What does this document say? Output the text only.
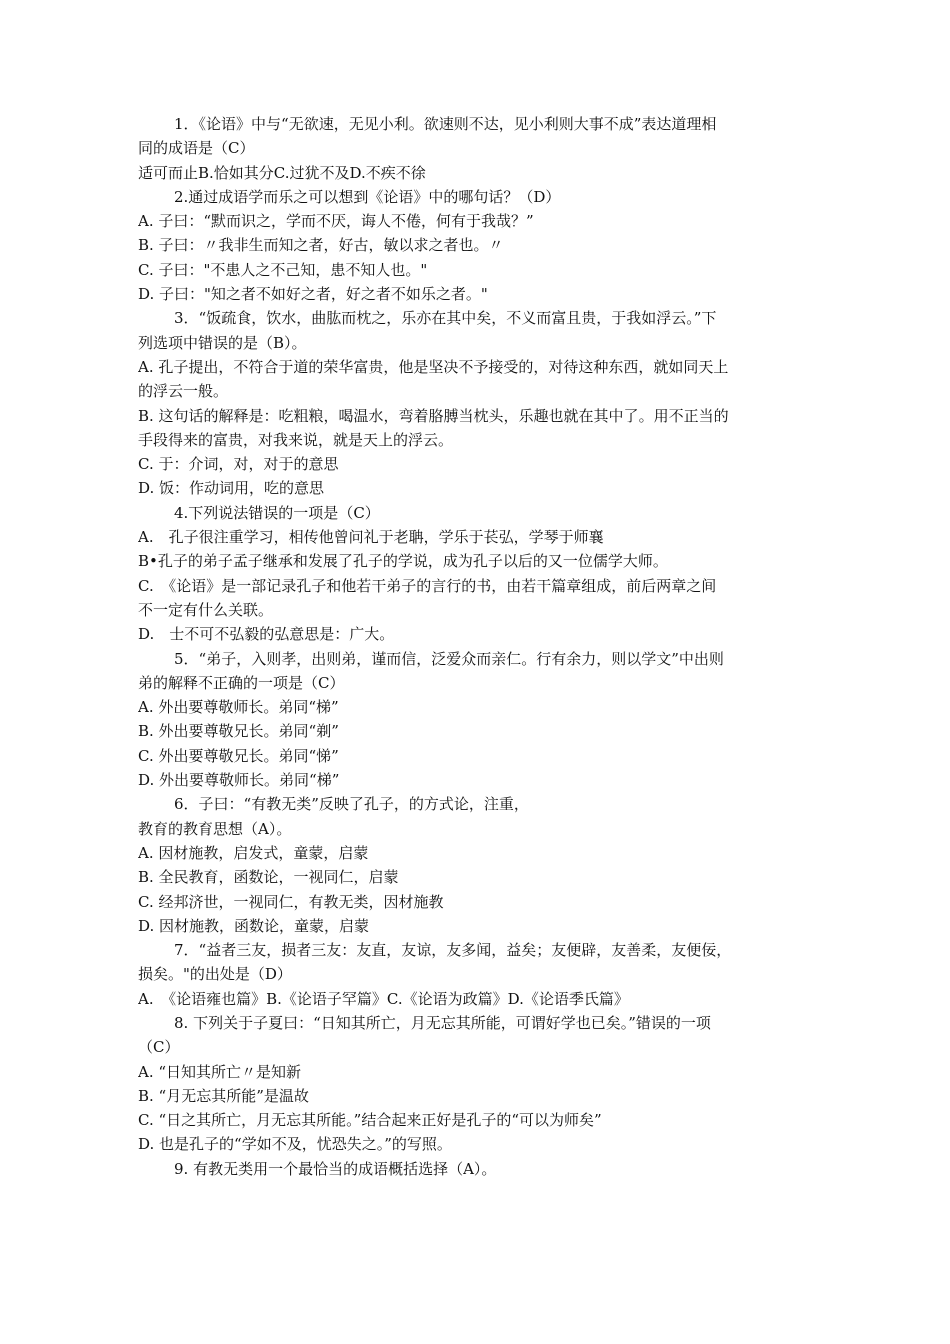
1．《论语》中与“无欲速，无见小利。欲速则不达，见小利则大事不成”表达道理相
同的成语是（C）
适可而止B.恰如其分C.过犹不及D.不疾不徐
2.通过成语学而乐之可以想到《论语》中的哪句话？（D）
A. 子曰：“默而识之，学而不厌，诲人不倦，何有于我哉？”
B. 子曰：〃我非生而知之者，好古，敏以求之者也。〃
C. 子曰："不患人之不己知，患不知人也。"
D. 子曰："知之者不如好之者，好之者不如乐之者。"
3．“饭疏食，饮水，曲肱而枕之，乐亦在其中矣，不义而富且贵，于我如浮云。”下
列选项中错误的是（B）。
A. 孔子提出，不符合于道的荣华富贵，他是坚决不予接受的，对待这种东西，就如同天上
的浮云一般。
B. 这句话的解释是：吃粗粮，喝温水，弯着胳膊当枕头，乐趣也就在其中了。用不正当的
手段得来的富贵，对我来说，就是天上的浮云。
C. 于：介词，对，对于的意思
D. 饭：作动词用，吃的意思
4.下列说法错误的一项是（C）
A.　孔子很注重学习，相传他曾问礼于老聃，学乐于苌弘，学琴于师襄
B•孔子的弟子孟子继承和发展了孔子的学说，成为孔子以后的又一位儒学大师。
C.　《论语》是一部记录孔子和他若干弟子的言行的书，由若干篇章组成，前后两章之间
不一定有什么关联。
D.　士不可不弘毅的弘意思是：广大。
5．“弟子，入则孝，出则弟，谨而信，泛爱众而亲仁。行有余力，则以学文”中出则
弟的解释不正确的一项是（C）
A. 外出要尊敬师长。弟同“梯”
B. 外出要尊敬兄长。弟同“剃”
C. 外出要尊敬兄长。弟同“悌”
D. 外出要尊敬师长。弟同“梯”
6．子曰：“有教无类”反映了孔子，的方式论，注重，
教育的教育思想（A）。
A. 因材施教，启发式，童蒙，启蒙
B. 全民教育，函数论，一视同仁，启蒙
C. 经邦济世，一视同仁，有教无类，因材施教
D. 因材施教，函数论，童蒙，启蒙
7．“益者三友，损者三友：友直，友谅，友多闻，益矣；友便辟，友善柔，友便佞，
损矣。"的出处是（D）
A.　《论语雍也篇》B.《论语子罕篇》C.《论语为政篇》D.《论语季氏篇》
8. 下列关于子夏曰：“日知其所亡，月无忘其所能，可谓好学也已矣。”错误的一项
（C）
A. “日知其所亡〃是知新
B. “月无忘其所能”是温故
C. “日之其所亡，月无忘其所能。”结合起来正好是孔子的“可以为师矣”
D. 也是孔子的“学如不及，忧恐失之。”的写照。
9. 有教无类用一个最恰当的成语概括选择（A）。
